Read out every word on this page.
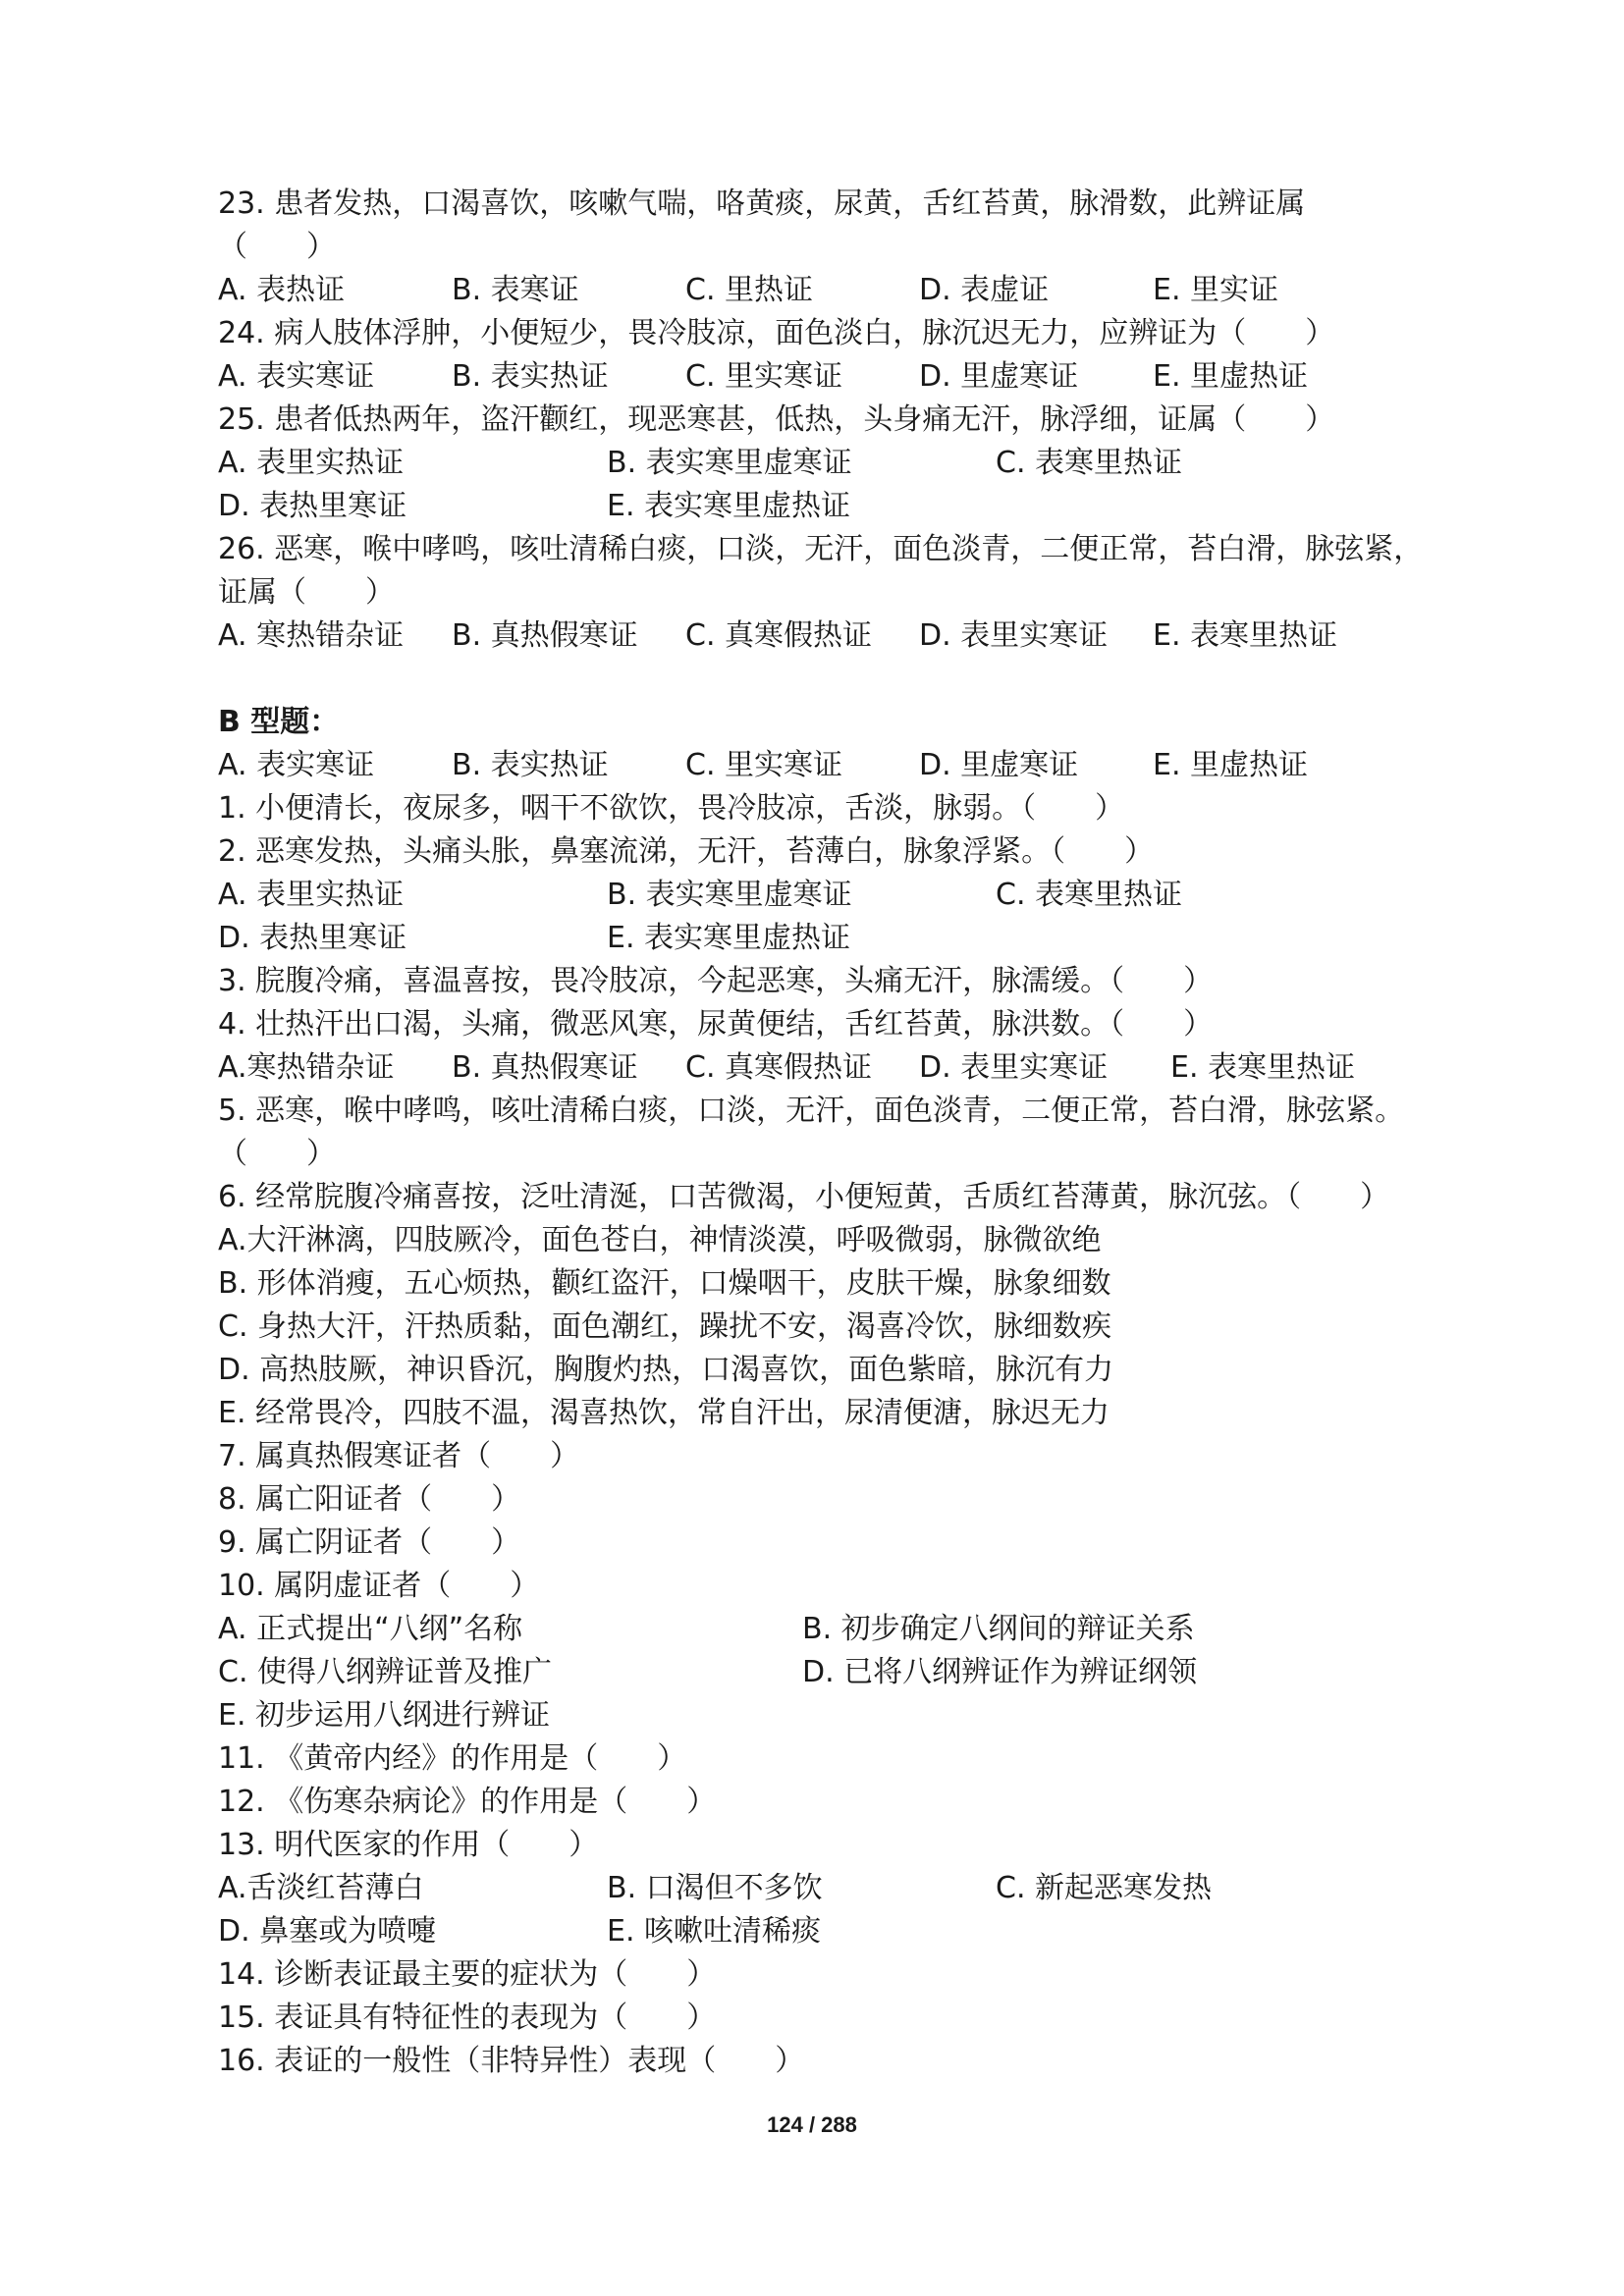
23. 患者发热，口渴喜饮，咳嗽气喘，咯黄痰，尿黄，舌红苔黄，脉滑数，此辨证属
（　　）
A. 表热证	B. 表寒证	C. 里热证	D. 表虚证	E. 里实证
24. 病人肢体浮肿，小便短少，畏冷肢凉，面色淡白，脉沉迟无力，应辨证为（　　）
A. 表实寒证	B. 表实热证	C. 里实寒证	D. 里虚寒证	E. 里虚热证
25. 患者低热两年，盗汗颧红，现恶寒甚，低热，头身痛无汗，脉浮细，证属（　　）
A. 表里实热证	B. 表实寒里虚寒证	C. 表寒里热证
D. 表热里寒证	E. 表实寒里虚热证
26. 恶寒，喉中哮鸣，咳吐清稀白痰，口淡，无汗，面色淡青，二便正常，苔白滑，脉弦紧，
证属（　　）
A. 寒热错杂证	B. 真热假寒证	C. 真寒假热证	D. 表里实寒证	E. 表寒里热证
B 型题：
A. 表实寒证	B. 表实热证	C. 里实寒证	D. 里虚寒证	E. 里虚热证
1. 小便清长，夜尿多，咽干不欲饮，畏冷肢凉，舌淡，脉弱。（　　）
2. 恶寒发热，头痛头胀，鼻塞流涕，无汗，苔薄白，脉象浮紧。（　　）
A. 表里实热证	B. 表实寒里虚寒证	C. 表寒里热证
D. 表热里寒证	E. 表实寒里虚热证
3. 脘腹冷痛，喜温喜按，畏冷肢凉，今起恶寒，头痛无汗，脉濡缓。（　　）
4. 壮热汗出口渴，头痛，微恶风寒，尿黄便结，舌红苔黄，脉洪数。（　　）
A.寒热错杂证	B. 真热假寒证	C. 真寒假热证	D. 表里实寒证	E. 表寒里热证
5. 恶寒，喉中哮鸣，咳吐清稀白痰，口淡，无汗，面色淡青，二便正常，苔白滑，脉弦紧。
（　　）
6. 经常脘腹冷痛喜按，泛吐清涎，口苦微渴，小便短黄，舌质红苔薄黄，脉沉弦。（　　）
A.大汗淋漓，四肢厥冷，面色苍白，神情淡漠，呼吸微弱，脉微欲绝
B. 形体消瘦，五心烦热，颧红盗汗，口燥咽干，皮肤干燥，脉象细数
C. 身热大汗，汗热质黏，面色潮红，躁扰不安，渴喜冷饮，脉细数疾
D. 高热肢厥，神识昏沉，胸腹灼热，口渴喜饮，面色紫暗，脉沉有力
E. 经常畏冷，四肢不温，渴喜热饮，常自汗出，尿清便溏，脉迟无力
7. 属真热假寒证者（　　）
8. 属亡阳证者（　　）
9. 属亡阴证者（　　）
10. 属阴虚证者（　　）
A. 正式提出“八纲”名称	B. 初步确定八纲间的辩证关系
C. 使得八纲辨证普及推广	D. 已将八纲辨证作为辨证纲领
E. 初步运用八纲进行辨证
11. 《黄帝内经》的作用是（　　）
12. 《伤寒杂病论》的作用是（　　）
13. 明代医家的作用（　　）
A.舌淡红苔薄白	B. 口渴但不多饮	C. 新起恶寒发热
D. 鼻塞或为喷嚏	E. 咳嗽吐清稀痰
14. 诊断表证最主要的症状为（　　）
15. 表证具有特征性的表现为（　　）
16. 表证的一般性（非特异性）表现（　　）
124 / 288
